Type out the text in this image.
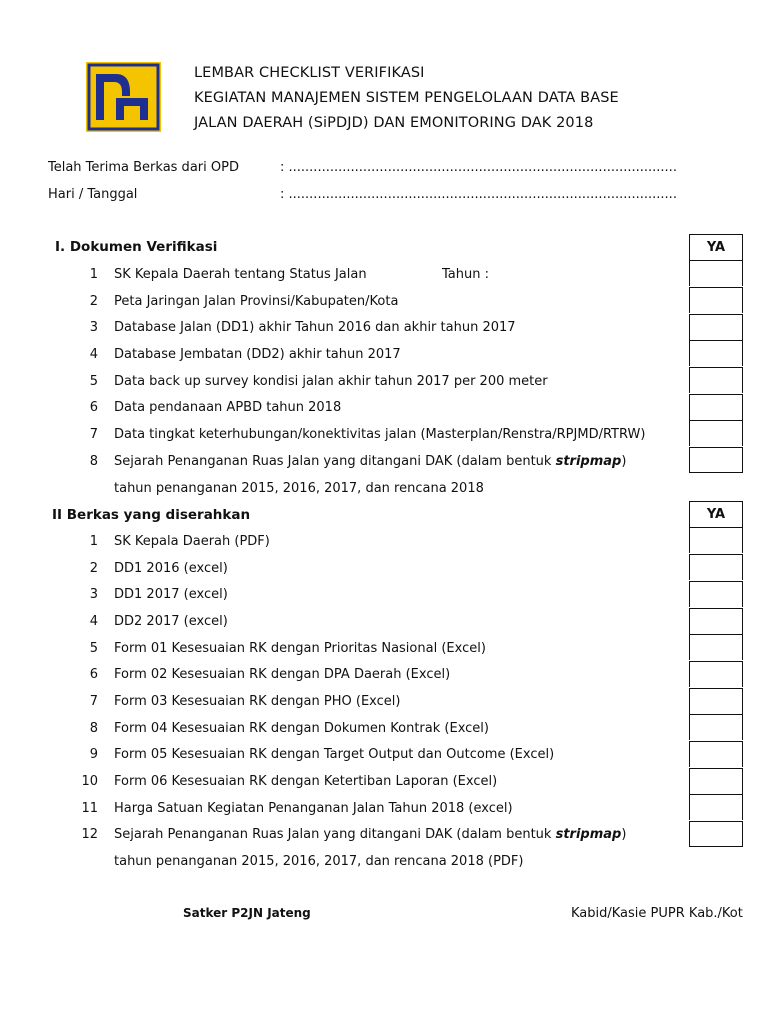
LEMBAR CHECKLIST VERIFIKASI
KEGIATAN MANAJEMEN SISTEM PENGELOLAAN DATA BASE
JALAN DAERAH (SiPDJD) DAN EMONITORING DAK 2018
Telah Terima Berkas dari OPD	: ..............................................................................................
Hari / Tanggal	: ..............................................................................................
I. Dokumen Verifikasi	YA
1 SK Kepala Daerah tentang Status Jalan	Tahun :
2 Peta Jaringan Jalan Provinsi/Kabupaten/Kota
3 Database Jalan (DD1) akhir Tahun 2016 dan akhir tahun 2017
4 Database Jembatan (DD2) akhir tahun 2017
5 Data back up survey kondisi jalan akhir tahun 2017 per 200 meter
6 Data pendanaan APBD tahun 2018
7 Data tingkat keterhubungan/konektivitas jalan (Masterplan/Renstra/RPJMD/RTRW)
8 Sejarah Penanganan Ruas Jalan yang ditangani DAK (dalam bentuk stripmap)
tahun penanganan 2015, 2016, 2017, dan rencana 2018
II Berkas yang diserahkan	YA
1 SK Kepala Daerah (PDF)
2 DD1 2016 (excel)
3 DD1 2017 (excel)
4 DD2 2017 (excel)
5 Form 01 Kesesuaian RK dengan Prioritas Nasional (Excel)
6 Form 02 Kesesuaian RK dengan DPA Daerah (Excel)
7 Form 03 Kesesuaian RK dengan PHO (Excel)
8 Form 04 Kesesuaian RK dengan Dokumen Kontrak (Excel)
9 Form 05 Kesesuaian RK dengan Target Output dan Outcome (Excel)
10 Form 06 Kesesuaian RK dengan Ketertiban Laporan (Excel)
11 Harga Satuan Kegiatan Penanganan Jalan Tahun 2018 (excel)
12 Sejarah Penanganan Ruas Jalan yang ditangani DAK (dalam bentuk stripmap)
tahun penanganan 2015, 2016, 2017, dan rencana 2018 (PDF)
Satker P2JN Jateng	Kabid/Kasie PUPR Kab./Kot
